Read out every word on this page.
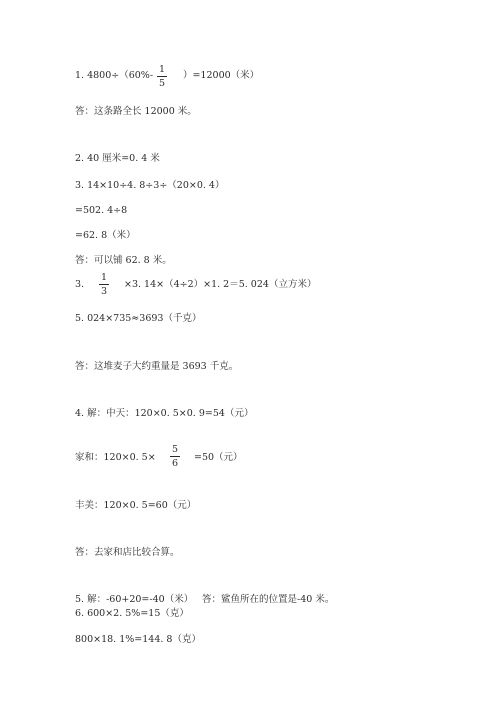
1. 4800÷（60%-
1
5
）=12000（米）
答：这条路全长 12000 米。
2. 40 厘米=0. 4 米
3. 14×10÷4. 8÷3÷（20×0. 4）
=502. 4÷8
=62. 8（米）
答：可以铺 62. 8 米。
3.
1
3
×3. 14×（4÷2）×1. 2＝5. 024（立方米）
5. 024×735≈3693（千克）
答：这堆麦子大约重量是 3693 千克。
4. 解：中天：120×0. 5×0. 9=54（元）
家和：120×0. 5×
5
6
=50（元）
丰美：120×0. 5=60（元）
答：去家和店比较合算。
5. 解：-60+20=-40（米） 答：鲨鱼所在的位置是-40 米。
6. 600×2. 5%=15（克）
800×18. 1%=144. 8（克）
